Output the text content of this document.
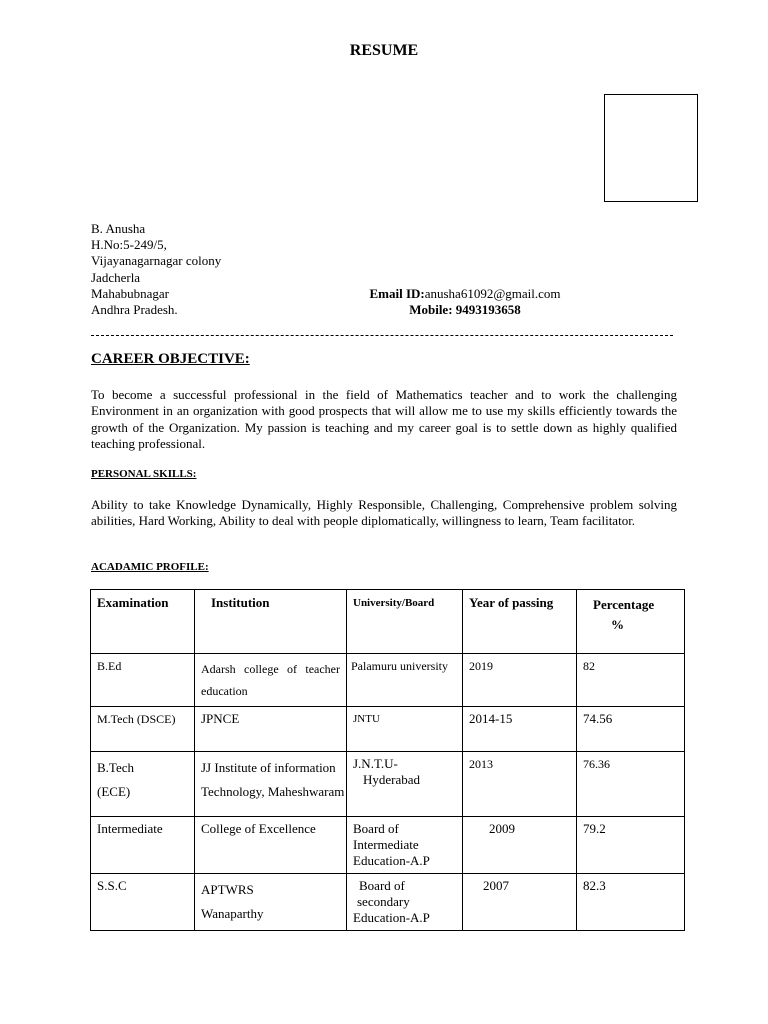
RESUME
B. Anusha
H.No:5-249/5,
Vijayanagarnagar colony
Jadcherla
Mahabubnagar
Andhra Pradesh.
Email ID:anusha61092@gmail.com
Mobile: 9493193658
CAREER OBJECTIVE:
To become a successful professional in the field of Mathematics teacher and to work the challenging Environment in an organization with good prospects that will allow me to use my skills efficiently towards the growth of the Organization. My passion is teaching and my career goal is to settle down as highly qualified teaching professional.
PERSONAL SKILLS:
Ability to take Knowledge Dynamically, Highly Responsible, Challenging, Comprehensive problem solving abilities, Hard Working, Ability to deal with people diplomatically, willingness to learn, Team facilitator.
ACADAMIC PROFILE:
Examination	Institution	University/Board	Year of passing	Percentage
%

B.Ed	Adarsh college of teacher education	Palamuru university	2019	82

M.Tech (DSCE)	JPNCE	JNTU	2014-15	74.56

B.Tech
(ECE)	JJ Institute of information
Technology, Maheshwaram	J.N.T.U-
Hyderabad	2013	76.36

Intermediate	College of Excellence	Board of
Intermediate
Education-A.P	2009	79.2

S.S.C	APTWRS
Wanaparthy	Board of
secondary
Education-A.P	2007	82.3
